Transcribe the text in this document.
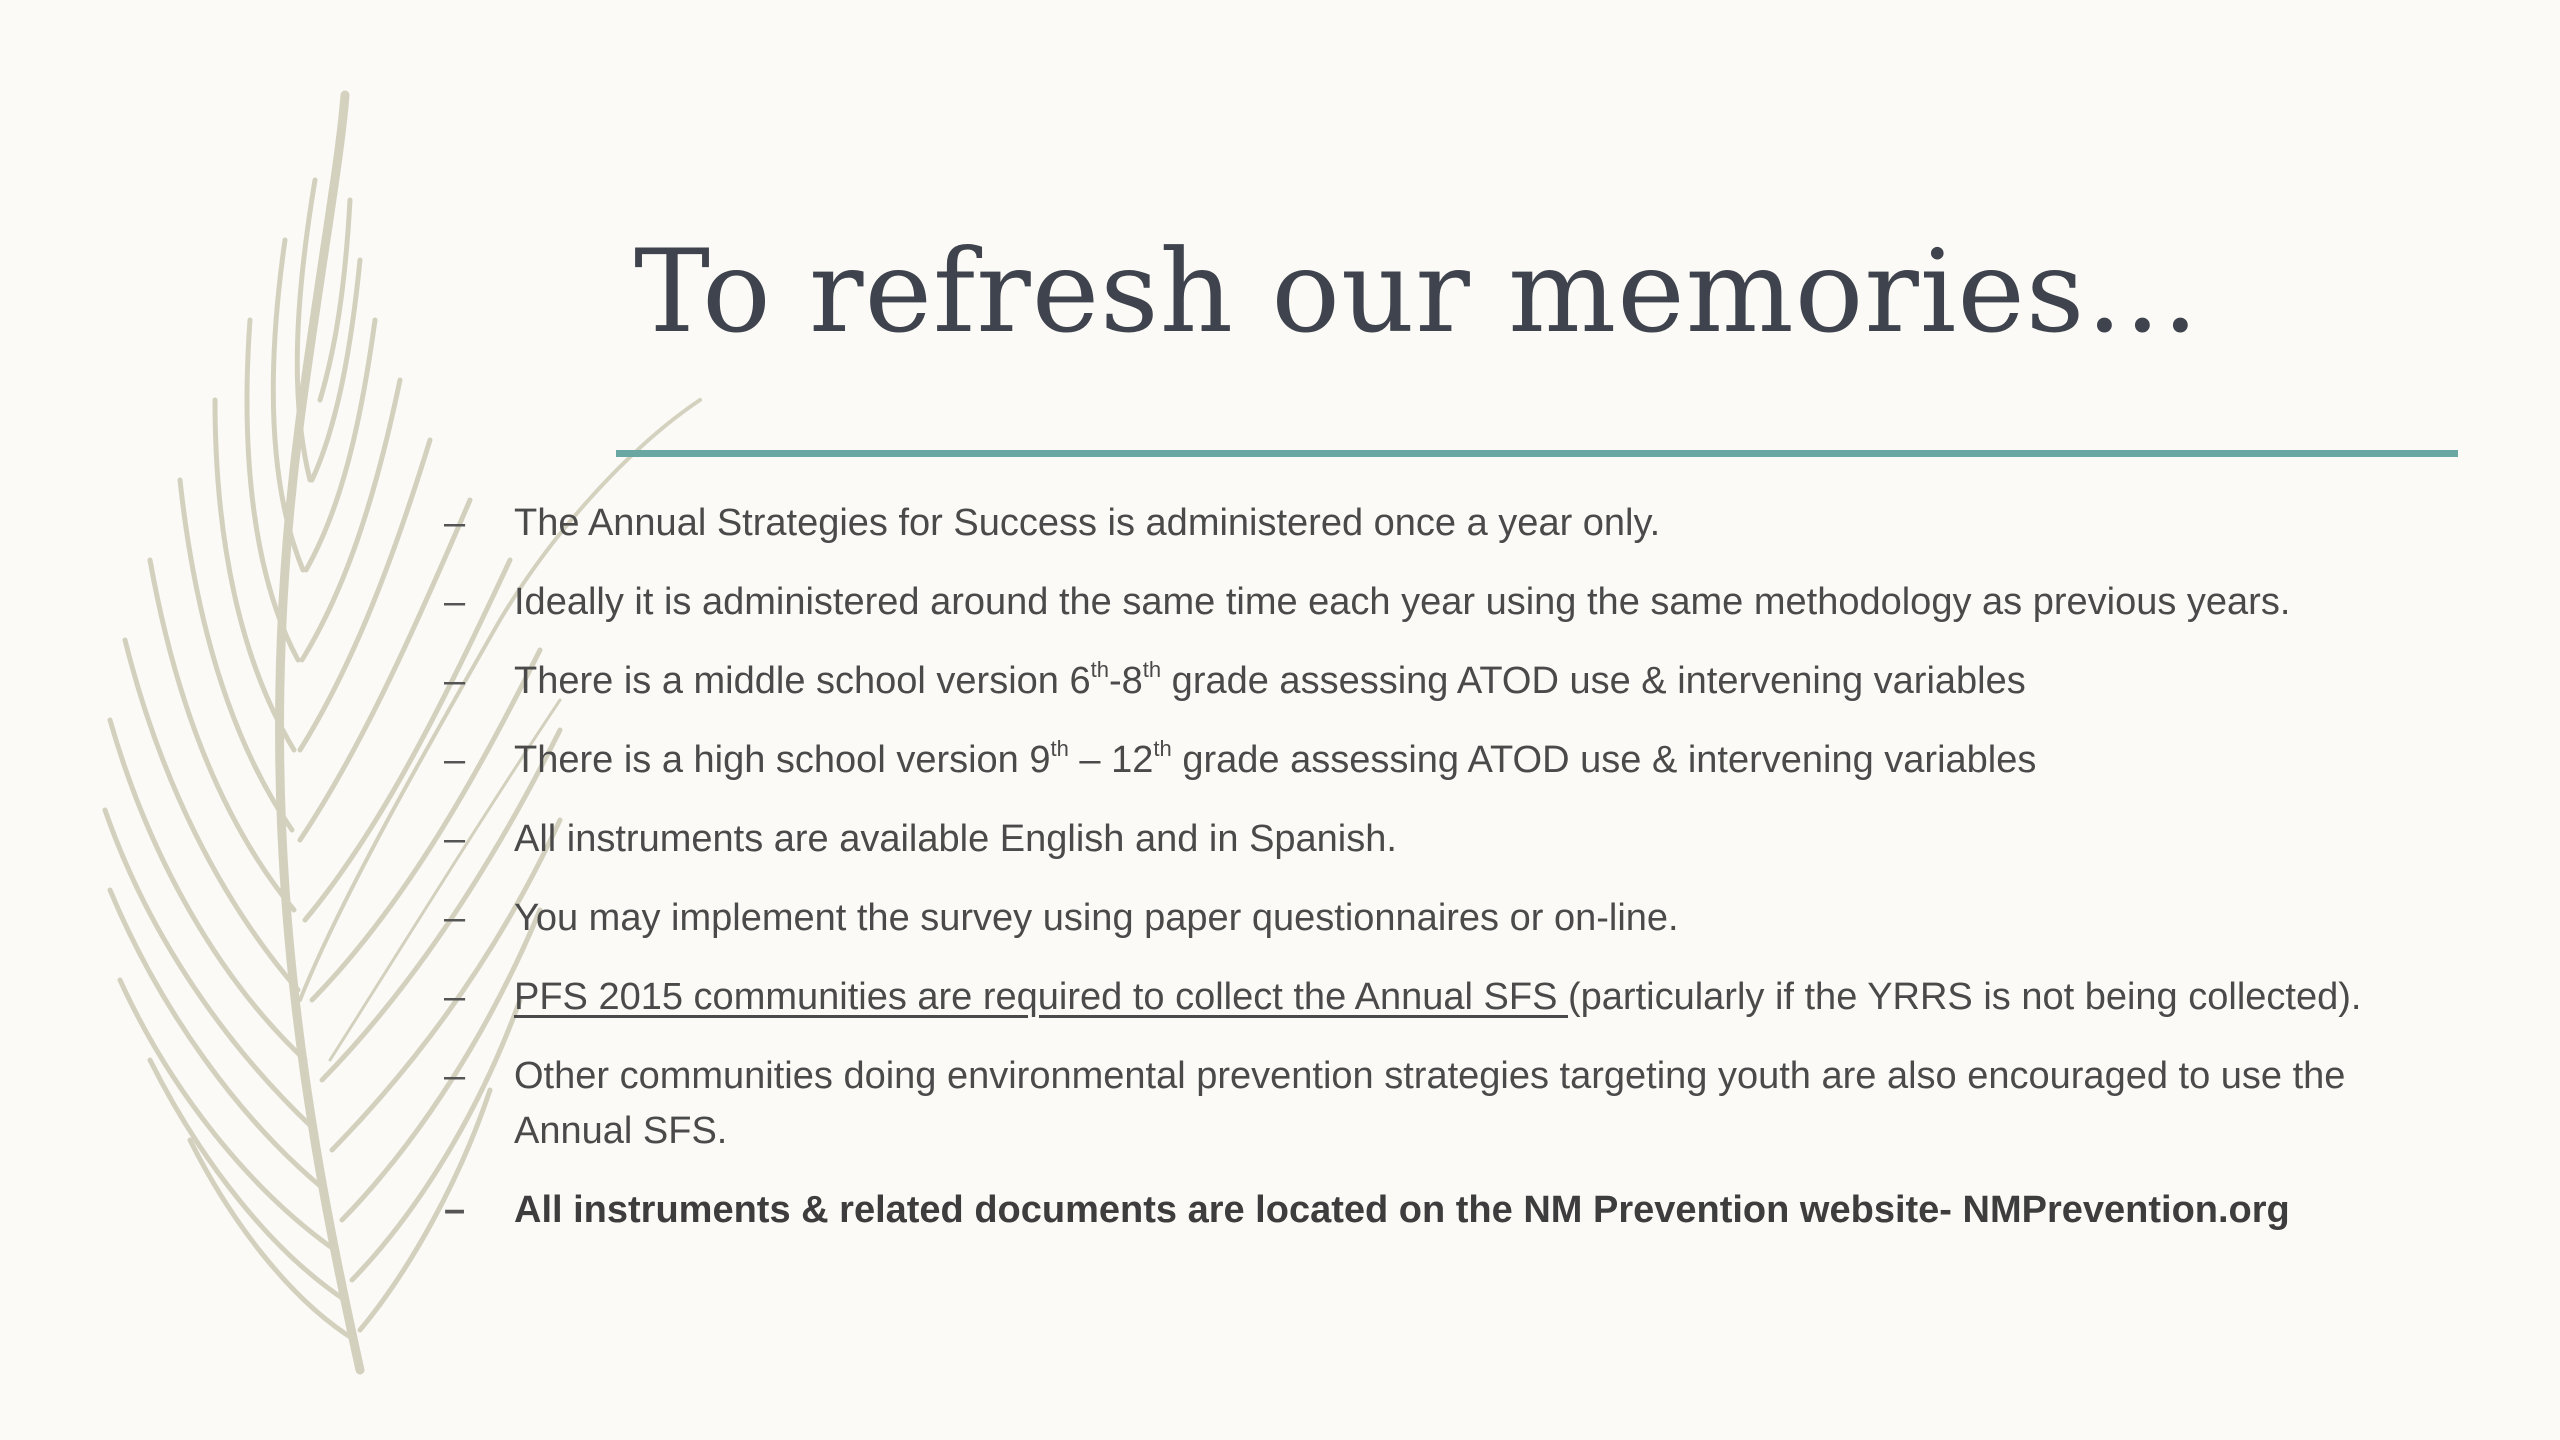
To refresh our memories…
–	The Annual Strategies for Success is administered once a year only.
–	Ideally it is administered around the same time each year using the same methodology as previous years.
–	There is a middle school version 6th-8th grade assessing ATOD use & intervening variables
–	There is a high school version 9th – 12th grade assessing ATOD use & intervening variables
–	All instruments are available English and in Spanish.
–	You may implement the survey using paper questionnaires or on-line.
–	PFS 2015 communities are required to collect the Annual SFS (particularly if the YRRS is not being collected).
–	Other communities doing environmental prevention strategies targeting youth are also encouraged to use the Annual SFS.
–	All instruments & related documents are located on the NM Prevention website- NMPrevention.org
